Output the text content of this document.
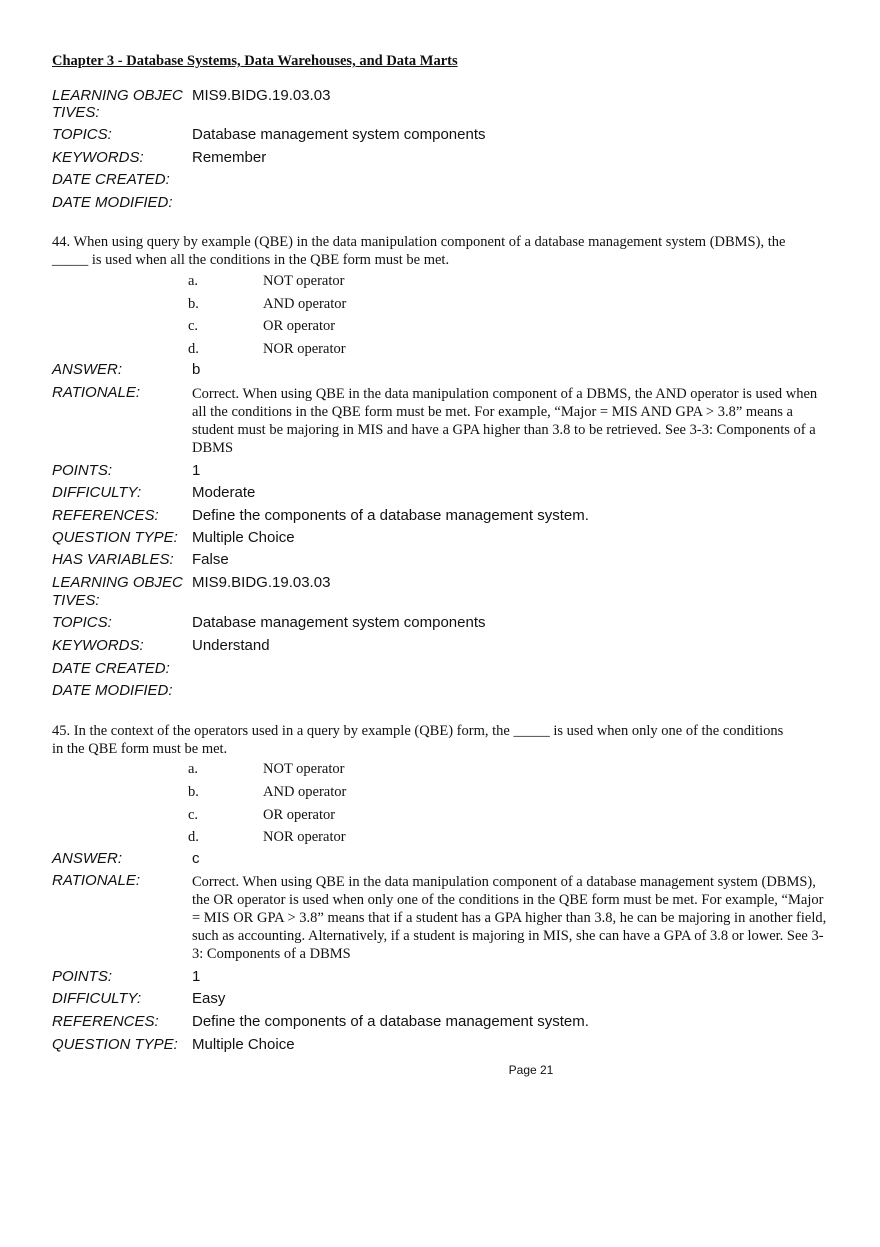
Chapter 3 - Database Systems, Data Warehouses, and Data Marts
LEARNING OBJEC
TIVES:
MIS9.BIDG.19.03.03
TOPICS:	Database management system components
KEYWORDS:	Remember
DATE CREATED:
DATE MODIFIED:
44. When using query by example (QBE) in the data manipulation component of a database management system (DBMS), the _____ is used when all the conditions in the QBE form must be met.
a.	NOT operator
b.	AND operator
c.	OR operator
d.	NOR operator
ANSWER:	b
RATIONALE:	Correct. When using QBE in the data manipulation component of a DBMS, the AND operator is used when all the conditions in the QBE form must be met. For example, “Major = MIS AND GPA > 3.8” means a student must be majoring in MIS and have a GPA higher than 3.8 to be retrieved. See 3-3: Components of a DBMS
POINTS:	1
DIFFICULTY:	Moderate
REFERENCES:	Define the components of a database management system.
QUESTION TYPE: Multiple Choice
HAS VARIABLES:	False
LEARNING OBJEC
TIVES:
MIS9.BIDG.19.03.03
TOPICS:	Database management system components
KEYWORDS:	Understand
DATE CREATED:
DATE MODIFIED:
45. In the context of the operators used in a query by example (QBE) form, the _____ is used when only one of the conditions in the QBE form must be met.
a.	NOT operator
b.	AND operator
c.	OR operator
d.	NOR operator
ANSWER:	c
RATIONALE:	Correct. When using QBE in the data manipulation component of a database management system (DBMS), the OR operator is used when only one of the conditions in the QBE form must be met. For example, “Major = MIS OR GPA > 3.8” means that if a student has a GPA higher than 3.8, he can be majoring in another field, such as accounting. Alternatively, if a student is majoring in MIS, she can have a GPA of 3.8 or lower. See 3-3: Components of a DBMS
POINTS:	1
DIFFICULTY:	Easy
REFERENCES:	Define the components of a database management system.
QUESTION TYPE: Multiple Choice
Page 21
